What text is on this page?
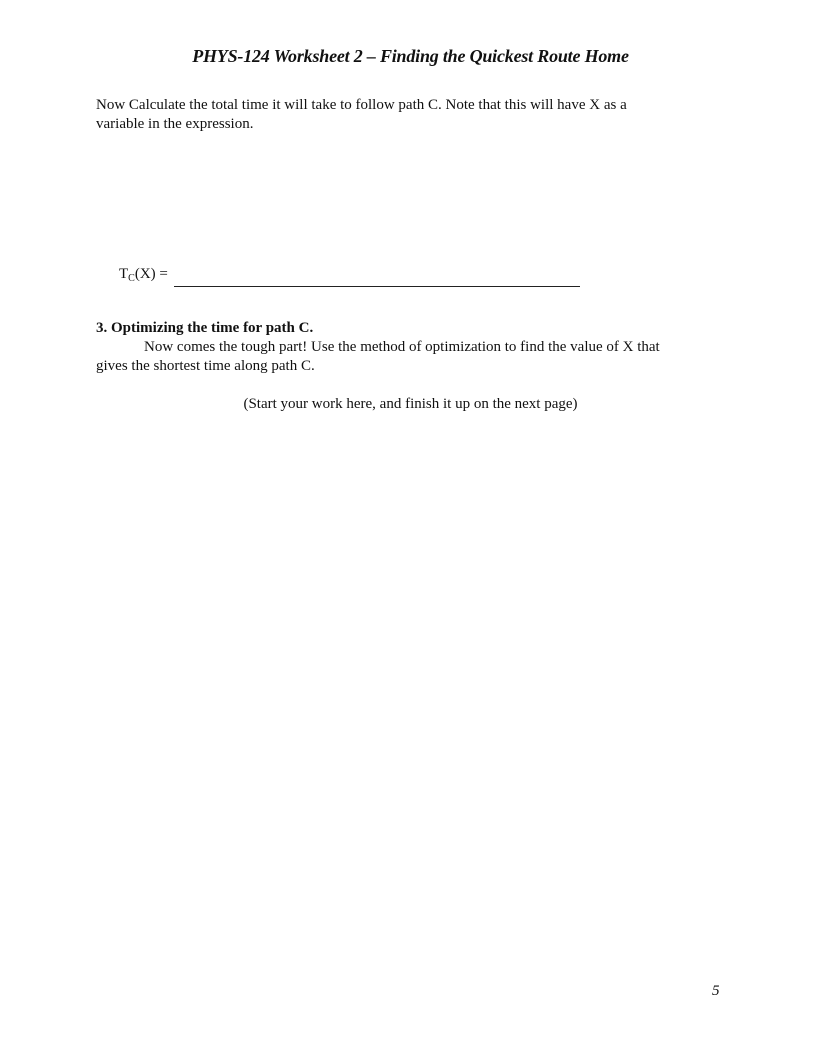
PHYS-124 Worksheet 2 – Finding the Quickest Route Home
Now Calculate the total time it will take to follow path C. Note that this will have X as a
variable in the expression.
$T_C(X)$ =
3. Optimizing the time for path C.
Now comes the tough part! Use the method of optimization to find the value of X that
gives the shortest time along path C.
(Start your work here, and finish it up on the next page)
5
